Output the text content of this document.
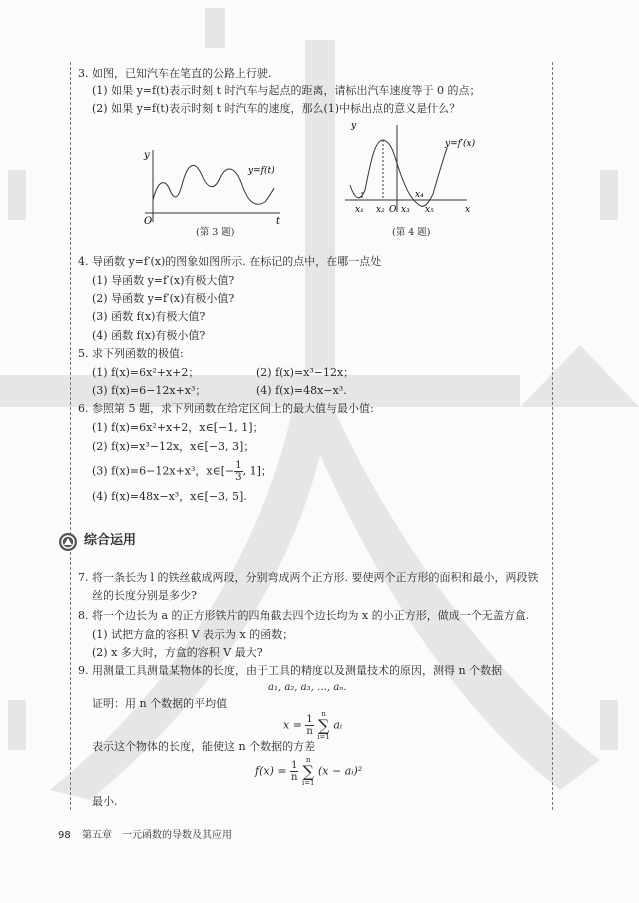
3. 如图，已知汽车在笔直的公路上行驶.
(1) 如果 y=f(t)表示时刻 t 时汽车与起点的距离，请标出汽车速度等于 0 的点；
(2) 如果 y=f(t)表示时刻 t 时汽车的速度，那么(1)中标出点的意义是什么？
y
O	t
y=f(t)
(第 3 题)
y
x₁ x₂ O x₃
x₄
x₅	x
y=f′(x)
(第 4 题)
4. 导函数 y=f′(x)的图象如图所示. 在标记的点中，在哪一点处
(1) 导函数 y=f′(x)有极大值?
(2) 导函数 y=f′(x)有极小值?
(3) 函数 f(x)有极大值?
(4) 函数 f(x)有极小值?
5. 求下列函数的极值:
(1) f(x)=6x²+x+2；	(2) f(x)=x³−12x；
(3) f(x)=6−12x+x³；	(4) f(x)=48x−x³.
6. 参照第 5 题，求下列函数在给定区间上的最大值与最小值:
(1) f(x)=6x²+x+2，x∈[−1, 1]；
(2) f(x)=x³−12x，x∈[−3, 3]；
(3) f(x)=6−12x+x³，x∈[− $\frac{1}{3}$ , 1]；
(4) f(x)=48x−x³，x∈[−3, 5].
综合运用
7. 将一条长为 l 的铁丝截成两段，分别弯成两个正方形. 要使两个正方形的面积和最小，两段铁
丝的长度分别是多少?
8. 将一个边长为 a 的正方形铁片的四角截去四个边长均为 x 的小正方形，做成一个无盖方盒.
(1) 试把方盒的容积 V 表示为 x 的函数；
(2) x 多大时，方盒的容积 V 最大?
9. 用测量工具测量某物体的长度，由于工具的精度以及测量技术的原因，测得 n 个数据
a₁, a₂, a₃, …, aₙ.
证明：用 n 个数据的平均值
$x = \frac{1}{n}$ n
∑
i=1 aᵢ
表示这个物体的长度，能使这 n 个数据的方差
$f(x) = \frac{1}{n}$ n
∑
i=1 (x − aᵢ)²
最小.
98 第五章　一元函数的导数及其应用
